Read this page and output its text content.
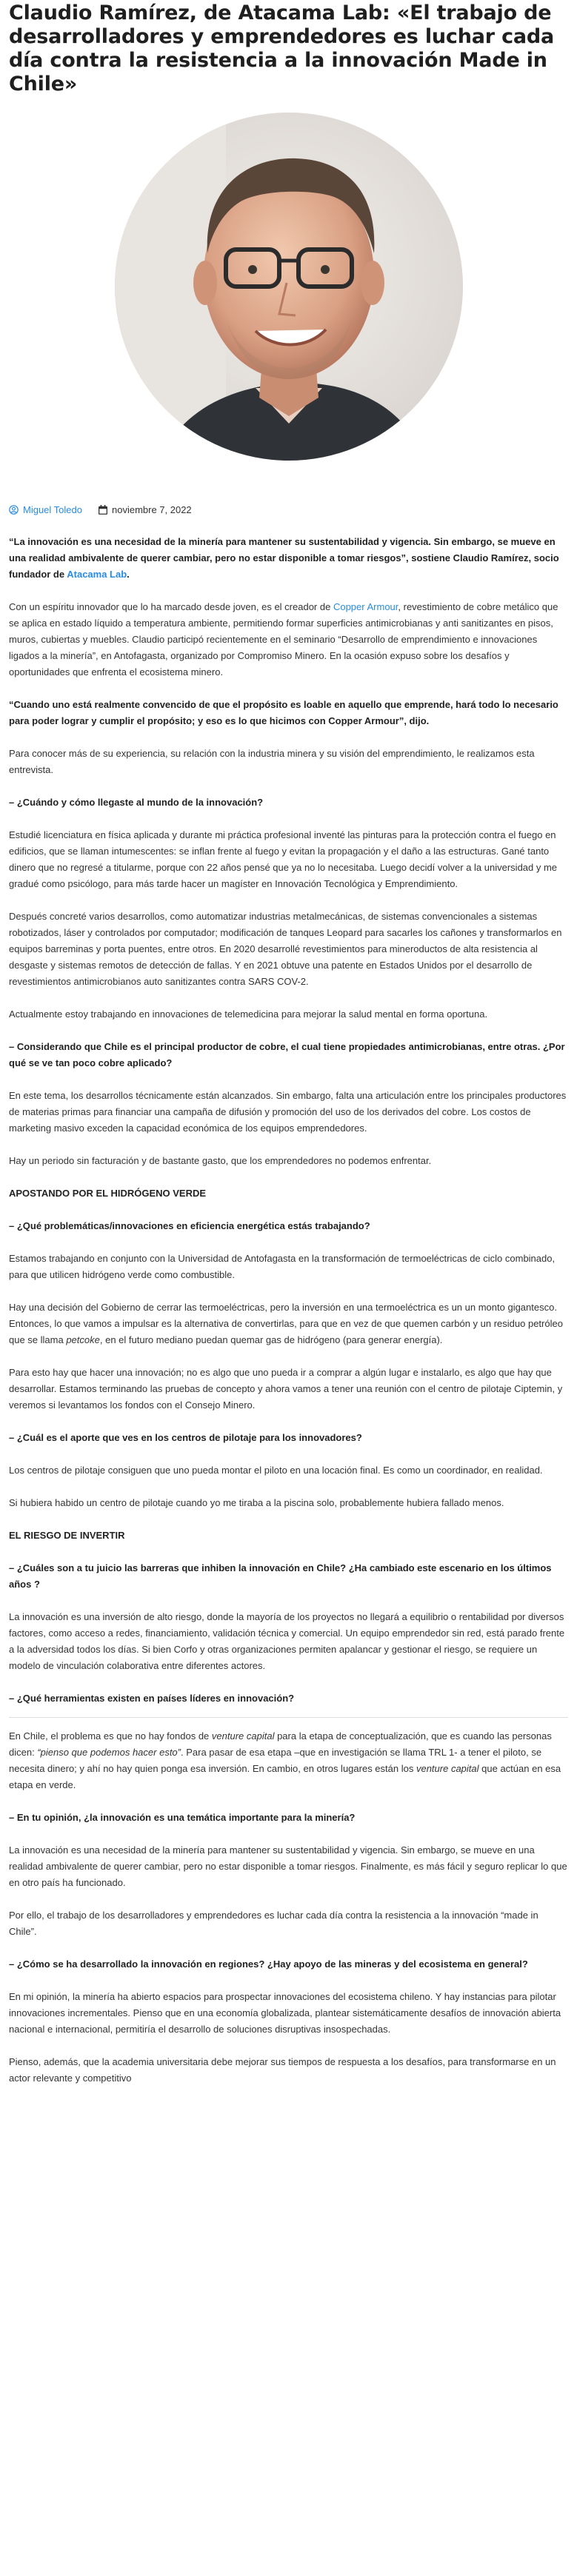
Claudio Ramírez, de Atacama Lab: «El trabajo de desarrolladores y emprendedores es luchar cada día contra la resistencia a la innovación Made in Chile»
Miguel Toledo	noviembre 7, 2022

“La innovación es una necesidad de la minería para mantener su sustentabilidad y vigencia. Sin embargo, se mueve en una realidad ambivalente de querer cambiar, pero no estar disponible a tomar riesgos”, sostiene Claudio Ramírez, socio fundador de Atacama Lab.

Con un espíritu innovador que lo ha marcado desde joven, es el creador de Copper Armour, revestimiento de cobre metálico que se aplica en estado líquido a temperatura ambiente, permitiendo formar superficies antimicrobianas y anti sanitizantes en pisos, muros, cubiertas y muebles. Claudio participó recientemente en el seminario “Desarrollo de emprendimiento e innovaciones ligados a la minería”, en Antofagasta, organizado por Compromiso Minero. En la ocasión expuso sobre los desafíos y oportunidades que enfrenta el ecosistema minero.

“Cuando uno está realmente convencido de que el propósito es loable en aquello que emprende, hará todo lo necesario para poder lograr y cumplir el propósito; y eso es lo que hicimos con Copper Armour”, dijo.

Para conocer más de su experiencia, su relación con la industria minera y su visión del emprendimiento, le realizamos esta entrevista.

– ¿Cuándo y cómo llegaste al mundo de la innovación?

Estudié licenciatura en física aplicada y durante mi práctica profesional inventé las pinturas para la protección contra el fuego en edificios, que se llaman intumescentes: se inflan frente al fuego y evitan la propagación y el daño a las estructuras. Gané tanto dinero que no regresé a titularme, porque con 22 años pensé que ya no lo necesitaba. Luego decidí volver a la universidad y me gradué como psicólogo, para más tarde hacer un magíster en Innovación Tecnológica y Emprendimiento.

Después concreté varios desarrollos, como automatizar industrias metalmecánicas, de sistemas convencionales a sistemas robotizados, láser y controlados por computador; modificación de tanques Leopard para sacarles los cañones y transformarlos en equipos barreminas y porta puentes, entre otros. En 2020 desarrollé revestimientos para mineroductos de alta resistencia al desgaste y sistemas remotos de detección de fallas. Y en 2021 obtuve una patente en Estados Unidos por el desarrollo de revestimientos antimicrobianos auto sanitizantes contra SARS COV-2.

Actualmente estoy trabajando en innovaciones de telemedicina para mejorar la salud mental en forma oportuna.

– Considerando que Chile es el principal productor de cobre, el cual tiene propiedades antimicrobianas, entre otras. ¿Por qué se ve tan poco cobre aplicado?

En este tema, los desarrollos técnicamente están alcanzados. Sin embargo, falta una articulación entre los principales productores de materias primas para financiar una campaña de difusión y promoción del uso de los derivados del cobre. Los costos de marketing masivo exceden la capacidad económica de los equipos emprendedores.

Hay un periodo sin facturación y de bastante gasto, que los emprendedores no podemos enfrentar.

APOSTANDO POR EL HIDRÓGENO VERDE

– ¿Qué problemáticas/innovaciones en eficiencia energética estás trabajando?

Estamos trabajando en conjunto con la Universidad de Antofagasta en la transformación de termoeléctricas de ciclo combinado, para que utilicen hidrógeno verde como combustible.

Hay una decisión del Gobierno de cerrar las termoeléctricas, pero la inversión en una termoeléctrica es un un monto gigantesco. Entonces, lo que vamos a impulsar es la alternativa de convertirlas, para que en vez de que quemen carbón y un residuo petróleo que se llama petcoke, en el futuro mediano puedan quemar gas de hidrógeno (para generar energía).

Para esto hay que hacer una innovación; no es algo que uno pueda ir a comprar a algún lugar e instalarlo, es algo que hay que desarrollar. Estamos terminando las pruebas de concepto y ahora vamos a tener una reunión con el centro de pilotaje Ciptemin, y veremos si levantamos los fondos con el Consejo Minero.

– ¿Cuál es el aporte que ves en los centros de pilotaje para los innovadores?

Los centros de pilotaje consiguen que uno pueda montar el piloto en una locación final. Es como un coordinador, en realidad.

Si hubiera habido un centro de pilotaje cuando yo me tiraba a la piscina solo, probablemente hubiera fallado menos.

EL RIESGO DE INVERTIR

– ¿Cuáles son a tu juicio las barreras que inhiben la innovación en Chile? ¿Ha cambiado este escenario en los últimos años ?

La innovación es una inversión de alto riesgo, donde la mayoría de los proyectos no llegará a equilibrio o rentabilidad por diversos factores, como acceso a redes, financiamiento, validación técnica y comercial. Un equipo emprendedor sin red, está parado frente a la adversidad todos los días. Si bien Corfo y otras organizaciones permiten apalancar y gestionar el riesgo, se requiere un modelo de vinculación colaborativa entre diferentes actores.

– ¿Qué herramientas existen en países líderes en innovación?

En Chile, el problema es que no hay fondos de venture capital para la etapa de conceptualización, que es cuando las personas dicen: “pienso que podemos hacer esto”. Para pasar de esa etapa –que en investigación se llama TRL 1- a tener el piloto, se necesita dinero; y ahí no hay quien ponga esa inversión. En cambio, en otros lugares están los venture capital que actúan en esa etapa en verde.

– En tu opinión, ¿la innovación es una temática importante para la minería?

La innovación es una necesidad de la minería para mantener su sustentabilidad y vigencia. Sin embargo, se mueve en una realidad ambivalente de querer cambiar, pero no estar disponible a tomar riesgos. Finalmente, es más fácil y seguro replicar lo que en otro país ha funcionado.

Por ello, el trabajo de los desarrolladores y emprendedores es luchar cada día contra la resistencia a la innovación “made in Chile”.

– ¿Cómo se ha desarrollado la innovación en regiones? ¿Hay apoyo de las mineras y del ecosistema en general?

En mi opinión, la minería ha abierto espacios para prospectar innovaciones del ecosistema chileno. Y hay instancias para pilotar innovaciones incrementales. Pienso que en una economía globalizada, plantear sistemáticamente desafíos de innovación abierta nacional e internacional, permitiría el desarrollo de soluciones disruptivas insospechadas.

Pienso, además, que la academia universitaria debe mejorar sus tiempos de respuesta a los desafíos, para transformarse en un actor relevante y competitivo
